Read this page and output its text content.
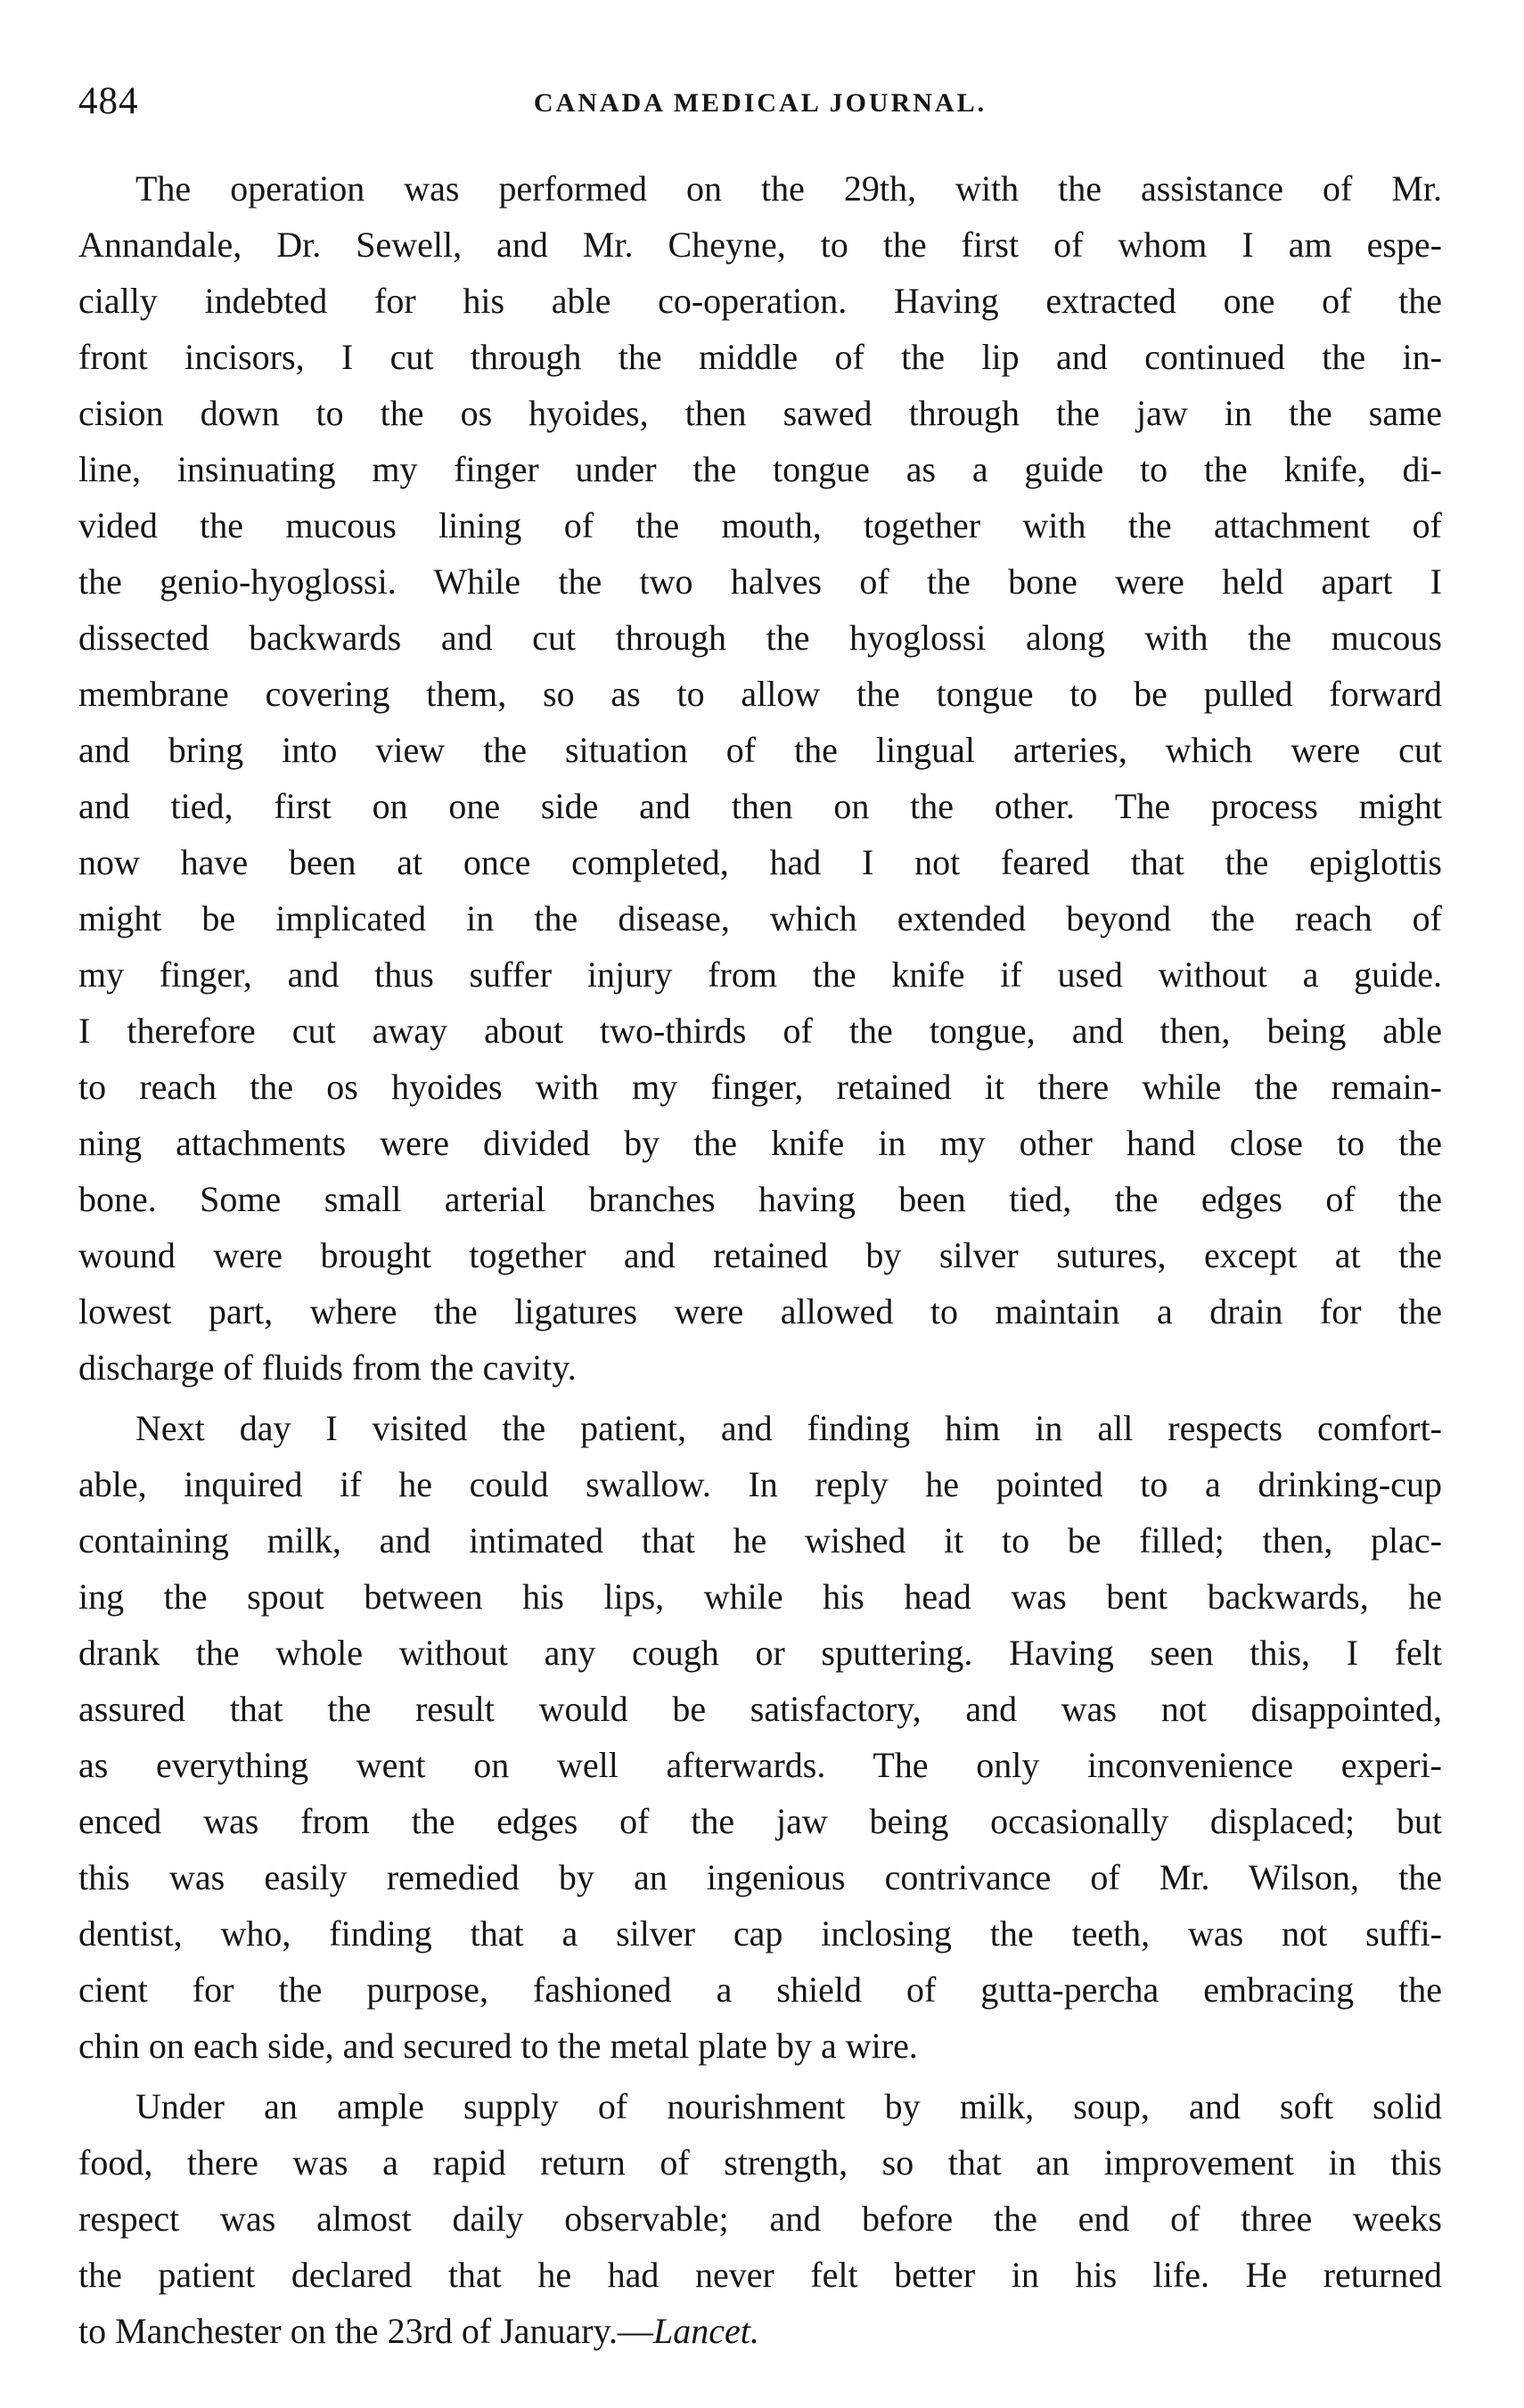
484	CANADA MEDICAL JOURNAL.
The operation was performed on the 29th, with the assistance of Mr.
Annandale, Dr. Sewell, and Mr. Cheyne, to the first of whom I am espe-
cially indebted for his able co-operation. Having extracted one of the
front incisors, I cut through the middle of the lip and continued the in-
cision down to the os hyoides, then sawed through the jaw in the same
line, insinuating my finger under the tongue as a guide to the knife, di-
vided the mucous lining of the mouth, together with the attachment of
the genio-hyoglossi. While the two halves of the bone were held apart I
dissected backwards and cut through the hyoglossi along with the mucous
membrane covering them, so as to allow the tongue to be pulled forward
and bring into view the situation of the lingual arteries, which were cut
and tied, first on one side and then on the other. The process might
now have been at once completed, had I not feared that the epiglottis
might be implicated in the disease, which extended beyond the reach of
my finger, and thus suffer injury from the knife if used without a guide.
I therefore cut away about two-thirds of the tongue, and then, being able
to reach the os hyoides with my finger, retained it there while the remain-
ning attachments were divided by the knife in my other hand close to the
bone. Some small arterial branches having been tied, the edges of the
wound were brought together and retained by silver sutures, except at the
lowest part, where the ligatures were allowed to maintain a drain for the
discharge of fluids from the cavity.
Next day I visited the patient, and finding him in all respects comfort-
able, inquired if he could swallow. In reply he pointed to a drinking-cup
containing milk, and intimated that he wished it to be filled; then, plac-
ing the spout between his lips, while his head was bent backwards, he
drank the whole without any cough or sputtering. Having seen this, I felt
assured that the result would be satisfactory, and was not disappointed,
as everything went on well afterwards. The only inconvenience experi-
enced was from the edges of the jaw being occasionally displaced; but
this was easily remedied by an ingenious contrivance of Mr. Wilson, the
dentist, who, finding that a silver cap inclosing the teeth, was not suffi-
cient for the purpose, fashioned a shield of gutta-percha embracing the
chin on each side, and secured to the metal plate by a wire.
Under an ample supply of nourishment by milk, soup, and soft solid
food, there was a rapid return of strength, so that an improvement in this
respect was almost daily observable; and before the end of three weeks
the patient declared that he had never felt better in his life. He returned
to Manchester on the 23rd of January.—Lancet.
